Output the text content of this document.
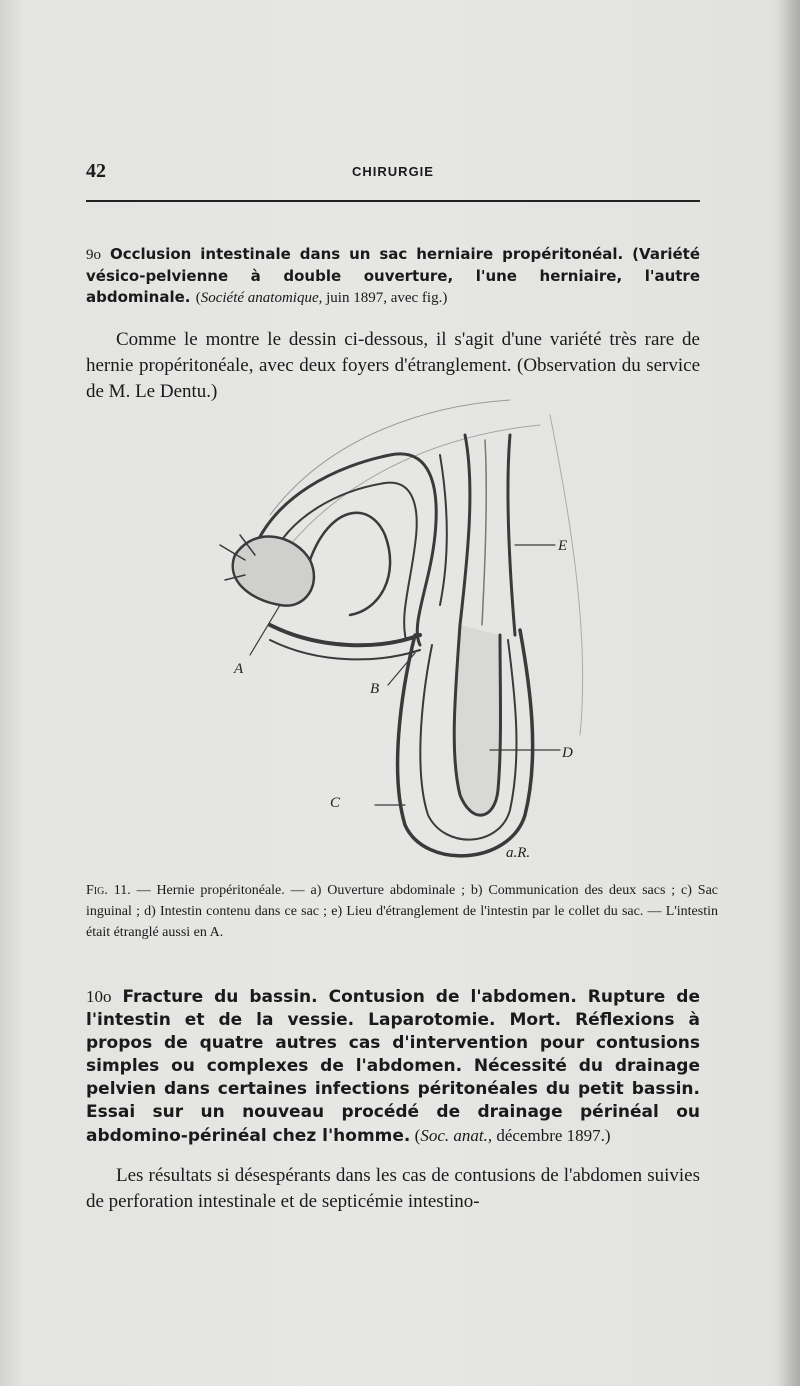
42	CHIRURGIE

9o Occlusion intestinale dans un sac herniaire propéritonéal. (Variété vésico-pelvienne à double ouverture, l'une herniaire, l'autre abdominale. (Société anatomique, juin 1897, avec fig.)

Comme le montre le dessin ci-dessous, il s'agit d'une variété très rare de hernie propéritonéale, avec deux foyers d'étranglement. (Observation du service de M. Le Dentu.)

A
B
C
D
E
a.R.

Fig. 11. — Hernie propéritonéale. — a) Ouverture abdominale ; b) Communication des deux sacs ; c) Sac inguinal ; d) Intestin contenu dans ce sac ; e) Lieu d'étranglement de l'intestin par le collet du sac. — L'intestin était étranglé aussi en A.

10o Fracture du bassin. Contusion de l'abdomen. Rupture de l'intestin et de la vessie. Laparotomie. Mort. Réflexions à propos de quatre autres cas d'intervention pour contusions simples ou complexes de l'abdomen. Nécessité du drainage pelvien dans certaines infections péritonéales du petit bassin. Essai sur un nouveau procédé de drainage périnéal ou abdomino-périnéal chez l'homme. (Soc. anat., décembre 1897.)

Les résultats si désespérants dans les cas de contusions de l'abdomen suivies de perforation intestinale et de septicémie intestino-
